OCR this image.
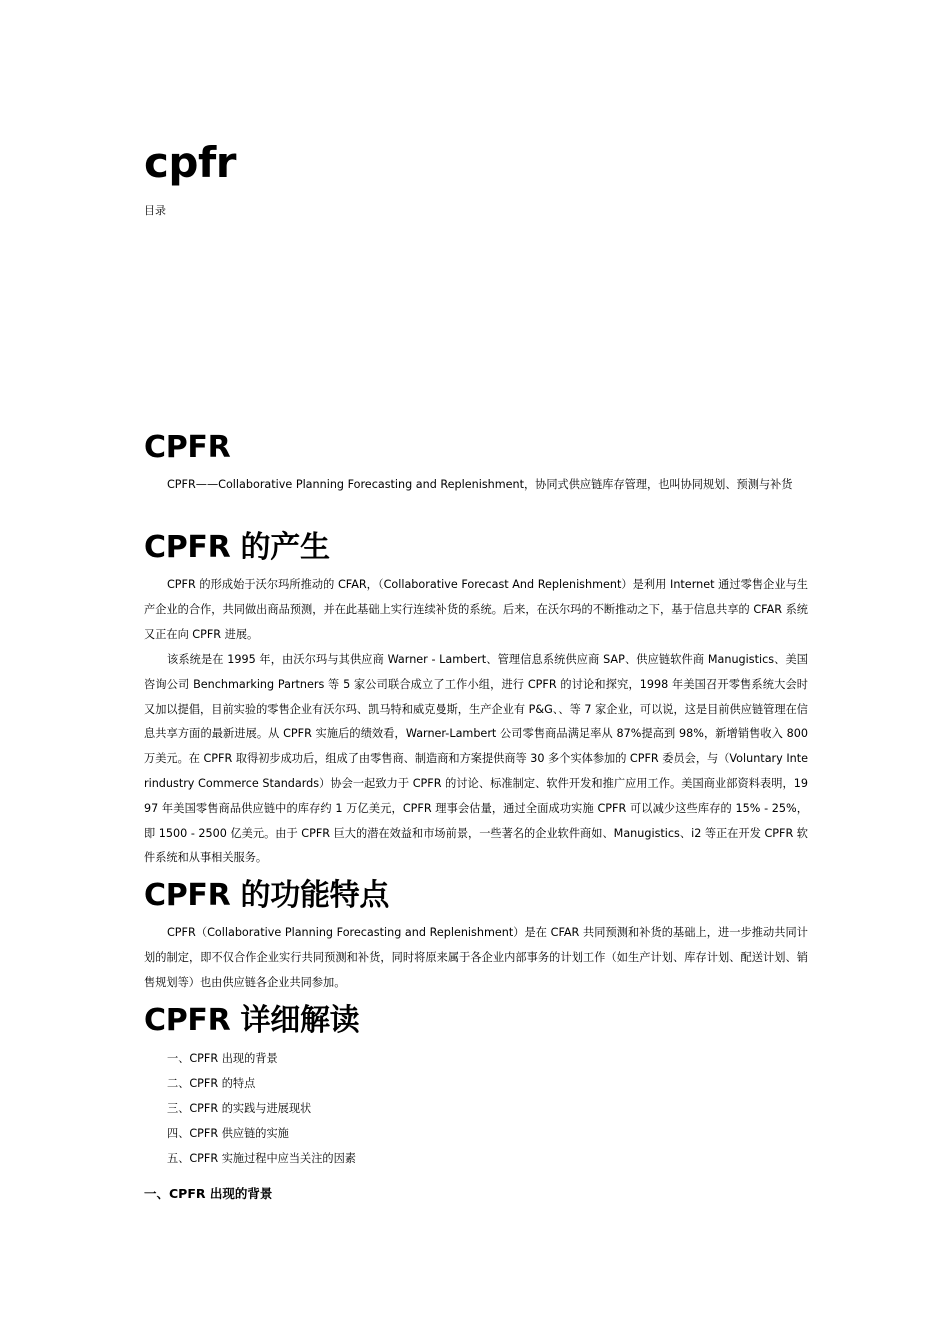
cpfr

目录

CPFR

CPFR——Collaborative Planning Forecasting and Replenishment，协同式供应链库存管理，也叫协同规划、预测与补货

CPFR 的产生

CPFR 的形成始于沃尔玛所推动的 CFAR，（Collaborative Forecast And Replenishment）是利用 Internet 通过零售企业与生产企业的合作，共同做出商品预测，并在此基础上实行连续补货的系统。后来，在沃尔玛的不断推动之下，基于信息共享的 CFAR 系统又正在向 CPFR 进展。

该系统是在 1995 年，由沃尔玛与其供应商 Warner - Lambert、管理信息系统供应商 SAP、供应链软件商 Manugistics、美国咨询公司 Benchmarking Partners 等 5 家公司联合成立了工作小组，进行 CPFR 的讨论和探究，1998 年美国召开零售系统大会时又加以提倡，目前实验的零售企业有沃尔玛、凯马特和威克曼斯，生产企业有 P&G、、等 7 家企业，可以说，这是目前供应链管理在信息共享方面的最新进展。从 CPFR 实施后的绩效看，Warner-Lambert 公司零售商品满足率从 87%提高到 98%，新增销售收入 800 万美元。在 CPFR 取得初步成功后，组成了由零售商、制造商和方案提供商等 30 多个实体参加的 CPFR 委员会，与（Voluntary Interindustry Commerce Standards）协会一起致力于 CPFR 的讨论、标准制定、软件开发和推广应用工作。美国商业部资料表明，1997 年美国零售商品供应链中的库存约 1 万亿美元，CPFR 理事会估量，通过全面成功实施 CPFR 可以减少这些库存的 15% - 25%，即 1500 - 2500 亿美元。由于 CPFR 巨大的潜在效益和市场前景，一些著名的企业软件商如、Manugistics、i2 等正在开发 CPFR 软件系统和从事相关服务。

CPFR 的功能特点

CPFR（Collaborative Planning Forecasting and Replenishment）是在 CFAR 共同预测和补货的基础上，进一步推动共同计划的制定，即不仅合作企业实行共同预测和补货，同时将原来属于各企业内部事务的计划工作（如生产计划、库存计划、配送计划、销售规划等）也由供应链各企业共同参加。

CPFR 详细解读
一、CPFR 出现的背景
二、CPFR 的特点
三、CPFR 的实践与进展现状
四、CPFR 供应链的实施
五、CPFR 实施过程中应当关注的因素
一、CPFR 出现的背景
